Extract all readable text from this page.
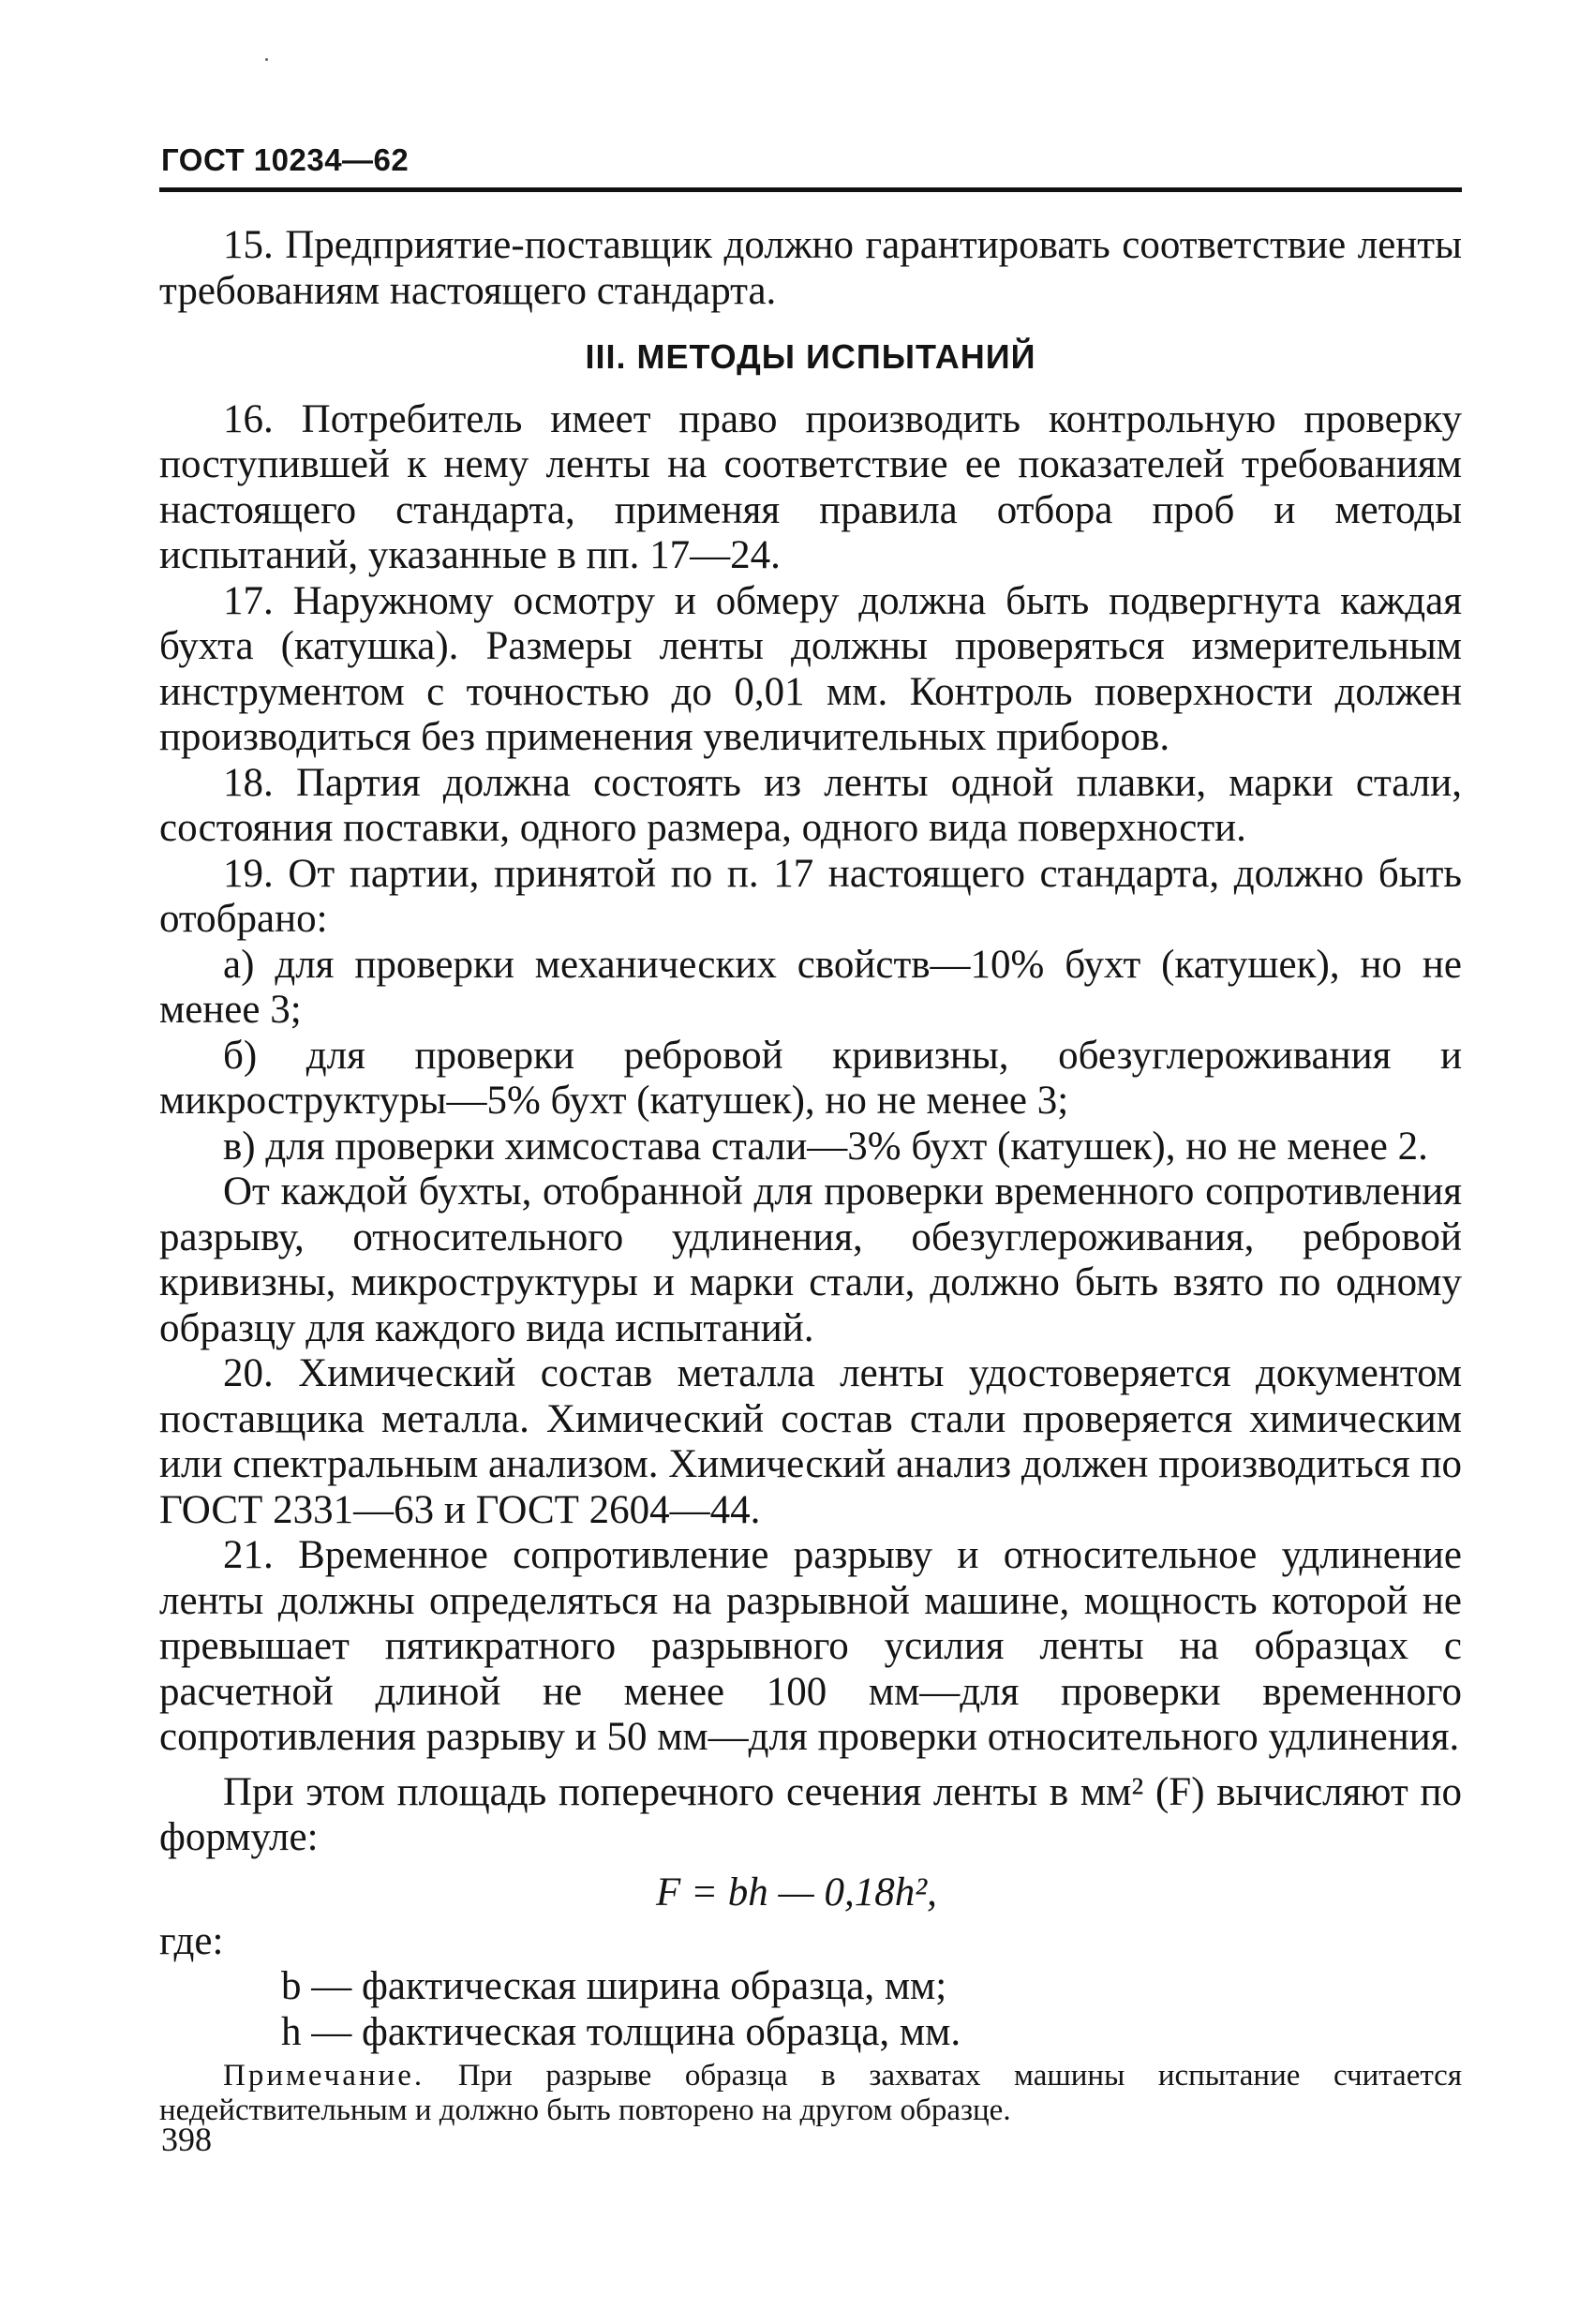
ГОСТ 10234—62

15. Предприятие-поставщик должно гарантировать соответствие ленты требованиям настоящего стандарта.

III. МЕТОДЫ ИСПЫТАНИЙ

16. Потребитель имеет право производить контрольную проверку поступившей к нему ленты на соответствие ее показателей требованиям настоящего стандарта, применяя правила отбора проб и методы испытаний, указанные в пп. 17—24.

17. Наружному осмотру и обмеру должна быть подвергнута каждая бухта (катушка). Размеры ленты должны проверяться измерительным инструментом с точностью до 0,01 мм. Контроль поверхности должен производиться без применения увеличительных приборов.

18. Партия должна состоять из ленты одной плавки, марки стали, состояния поставки, одного размера, одного вида поверхности.

19. От партии, принятой по п. 17 настоящего стандарта, должно быть отобрано:

а) для проверки механических свойств—10% бухт (катушек), но не менее 3;

б) для проверки ребровой кривизны, обезуглероживания и микроструктуры—5% бухт (катушек), но не менее 3;

в) для проверки химсостава стали—3% бухт (катушек), но не менее 2.

От каждой бухты, отобранной для проверки временного сопротивления разрыву, относительного удлинения, обезуглероживания, ребровой кривизны, микроструктуры и марки стали, должно быть взято по одному образцу для каждого вида испытаний.

20. Химический состав металла ленты удостоверяется документом поставщика металла. Химический состав стали проверяется химическим или спектральным анализом. Химический анализ должен производиться по ГОСТ 2331—63 и ГОСТ 2604—44.

21. Временное сопротивление разрыву и относительное удлинение ленты должны определяться на разрывной машине, мощность которой не превышает пятикратного разрывного усилия ленты на образцах с расчетной длиной не менее 100 мм—для проверки временного сопротивления разрыву и 50 мм—для проверки относительного удлинения.

При этом площадь поперечного сечения ленты в мм² (F) вычисляют по формуле:

F = bh — 0,18h²,

где:

b — фактическая ширина образца, мм;

h — фактическая толщина образца, мм.

Примечание. При разрыве образца в захватах машины испытание считается недействительным и должно быть повторено на другом образце.

398
